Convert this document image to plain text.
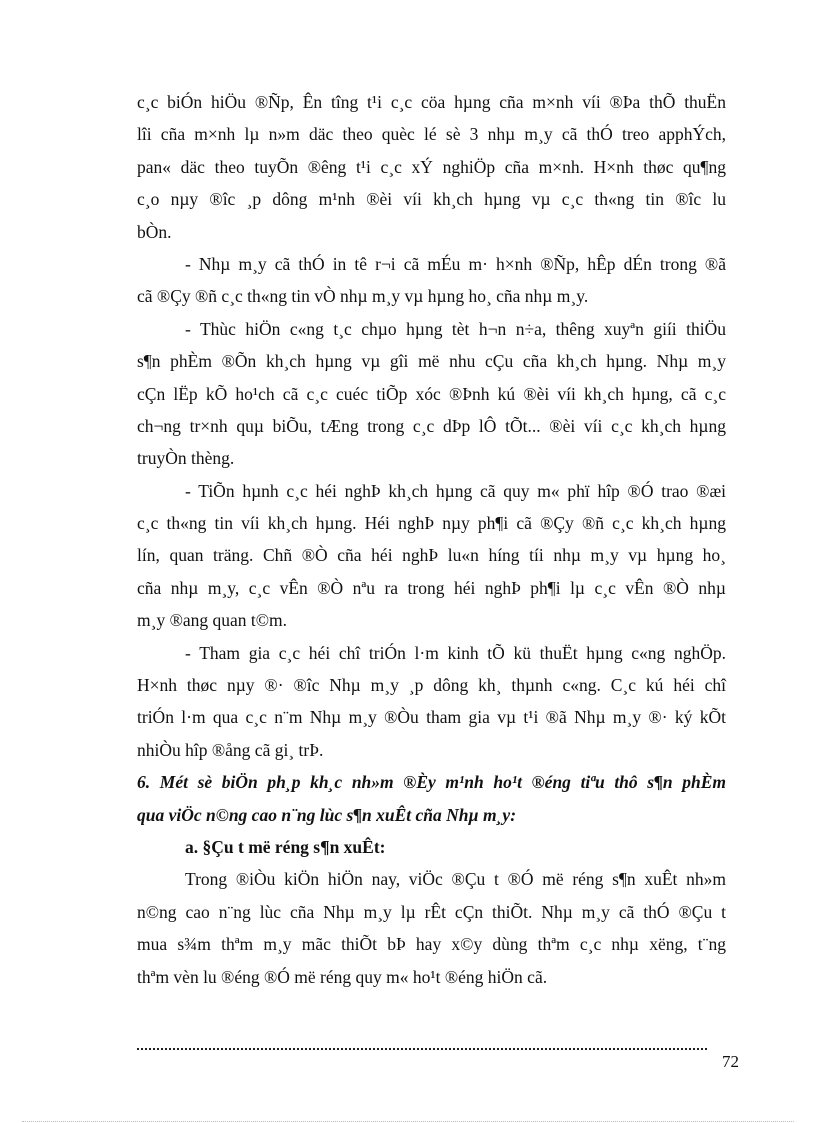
c¸c biÓn hiÖu ®Ñp, Ên tîng t¹i c¸c cöa hµng cña m×nh víi ®Þa thÕ thuËn
lîi cña m×nh lµ n»m däc theo quèc lé sè 3 nhµ m¸y cã thÓ treo apphÝch,
pan« däc theo tuyÕn ®êng t¹i c¸c xÝ nghiÖp cña m×nh. H×nh thøc qu¶ng
c¸o nµy ®îc ¸p dông m¹nh ®èi víi kh¸ch hµng vµ c¸c th«ng tin ®îc lu
bÒn.
- Nhµ m¸y cã thÓ in tê r¬i cã mÉu m· h×nh ®Ñp, hÊp dÉn trong ®ã
cã ®Çy ®ñ c¸c th«ng tin vÒ nhµ m¸y vµ hµng ho¸ cña nhµ m¸y.
- Thùc hiÖn c«ng t¸c chµo hµng tèt h¬n n÷a, thêng xuyªn giíi thiÖu
s¶n phÈm ®Õn kh¸ch hµng vµ gîi më nhu cÇu cña kh¸ch hµng. Nhµ m¸y
cÇn lËp kÕ ho¹ch cã c¸c cuéc tiÕp xóc ®Þnh kú ®èi víi kh¸ch hµng, cã c¸c
ch¬ng tr×nh quµ biÕu, tÆng trong c¸c dÞp lÔ tÕt... ®èi víi c¸c kh¸ch hµng
truyÒn thèng.
- TiÕn hµnh c¸c héi nghÞ kh¸ch hµng cã quy m« phï hîp ®Ó trao ®æi
c¸c th«ng tin víi kh¸ch hµng. Héi nghÞ nµy ph¶i cã ®Çy ®ñ c¸c kh¸ch hµng
lín, quan träng. Chñ ®Ò cña héi nghÞ lu«n híng tíi nhµ m¸y vµ hµng ho¸
cña nhµ m¸y, c¸c vÊn ®Ò nªu ra trong héi nghÞ ph¶i lµ c¸c vÊn ®Ò nhµ
m¸y ®ang quan t©m.
- Tham gia c¸c héi chî triÓn l·m kinh tÕ kü thuËt hµng c«ng nghÖp.
H×nh thøc nµy ®· ®îc Nhµ m¸y ¸p dông kh¸ thµnh c«ng. C¸c kú héi chî
triÓn l·m qua c¸c n¨m Nhµ m¸y ®Òu tham gia vµ t¹i ®ã Nhµ m¸y ®· ký kÕt
nhiÒu hîp ®ång cã gi¸ trÞ.
6. Mét sè biÖn ph¸p kh¸c nh»m ®Èy m¹nh ho¹t ®éng tiªu thô s¶n phÈm
qua viÖc n©ng cao n¨ng lùc s¶n xuÊt cña Nhµ m¸y:
a. §Çu t më réng s¶n xuÊt:
Trong ®iÒu kiÖn hiÖn nay, viÖc ®Çu t ®Ó më réng s¶n xuÊt nh»m
n©ng cao n¨ng lùc cña Nhµ m¸y lµ rÊt cÇn thiÕt. Nhµ m¸y cã thÓ ®Çu t
mua s¾m thªm m¸y mãc thiÕt bÞ hay x©y dùng thªm c¸c nhµ xëng, t¨ng
thªm vèn lu ®éng ®Ó më réng quy m« ho¹t ®éng hiÖn cã.
72
